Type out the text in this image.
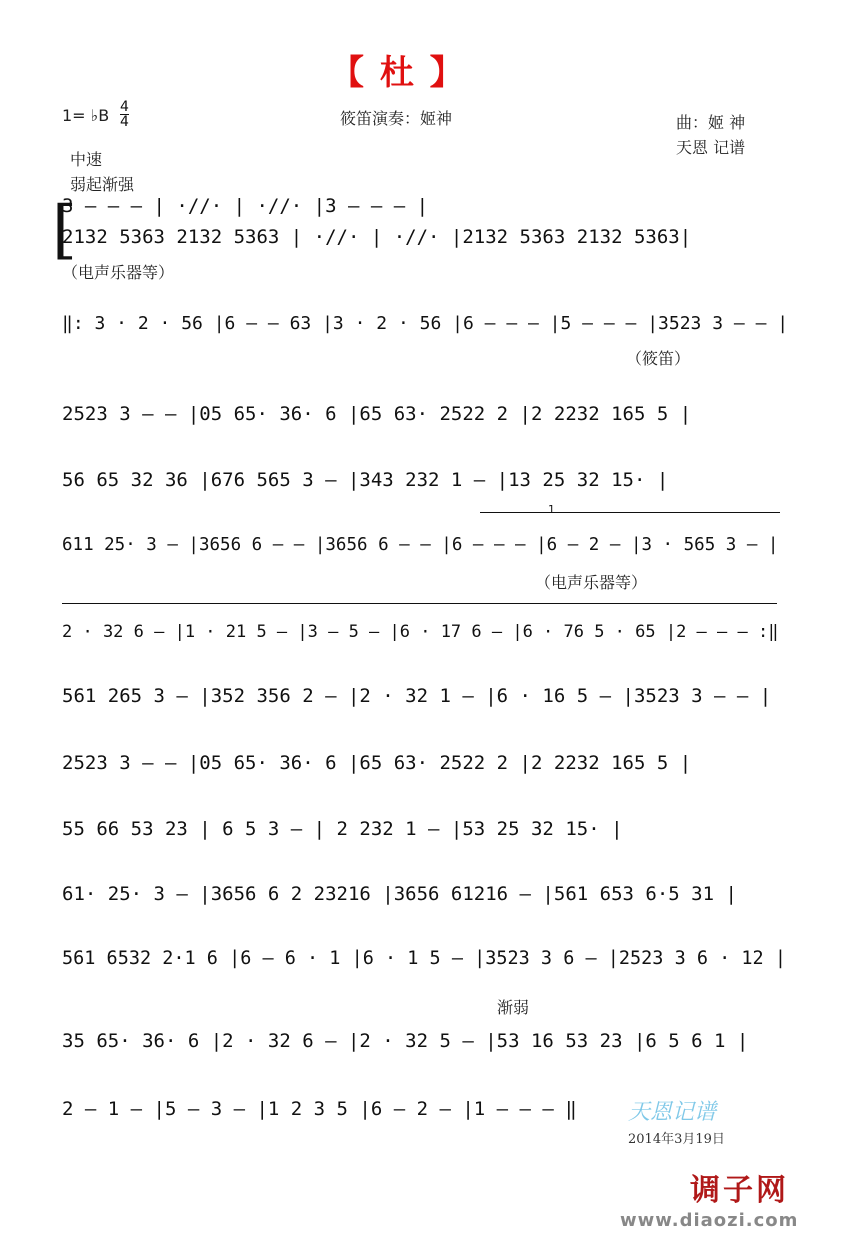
【 杜 】
1= ♭B $\frac{4}{4}$	筱笛演奏：姬神	曲：姬 神
天恩 记谱
中速
弱起渐强
[
3 – – – | ·//· | ·//· |3 – – – |
2132 5363 2132 5363 | ·//· | ·//· |2132 5363 2132 5363|
（电声乐器等）
‖: 3 · 2 · 56 |6 – – 63 |3 · 2 · 56 |6 – – – |5 – – – |3523 3 – – |
（筱笛）
2523 3 – – |05 65· 36· 6 |65 63· 2522 2 |2 2232 165 5 |
56 65 32 36 |676 565 3 – |343 232 1 – |13 25 32 15· |
1
611 25· 3 – |3656 6 – – |3656 6 – – |6 – – – |6 – 2 – |3 · 565 3 – |
（电声乐器等）
2 · 32 6 – |1 · 21 5 – |3 – 5 – |6 · 17 6 – |6 · 76 5 · 65 |2 – – – :‖
561 265 3 – |352 356 2 – |2 · 32 1 – |6 · 16 5 – |3523 3 – – |
2523 3 – – |05 65· 36· 6 |65 63· 2522 2 |2 2232 165 5 |
55 66 53 23 | 6 5 3 – | 2 232 1 – |53 25 32 15· |
61· 25· 3 – |3656 6 2 23216 |3656 61216 – |561 653 6·5 31 |
561 6532 2·1 6 |6 – 6 · 1 |6 · 1 5 – |3523 3 6 – |2523 3 6 · 12 |
渐弱
35 65· 36· 6 |2 · 32 6 – |2 · 32 5 – |53 16 53 23 |6 5 6 1 |
2 – 1 – |5 – 3 – |1 2 3 5 |6 – 2 – |1 – – – ‖ 天恩记谱
2014年3月19日
调子网
www.diaozi.com
